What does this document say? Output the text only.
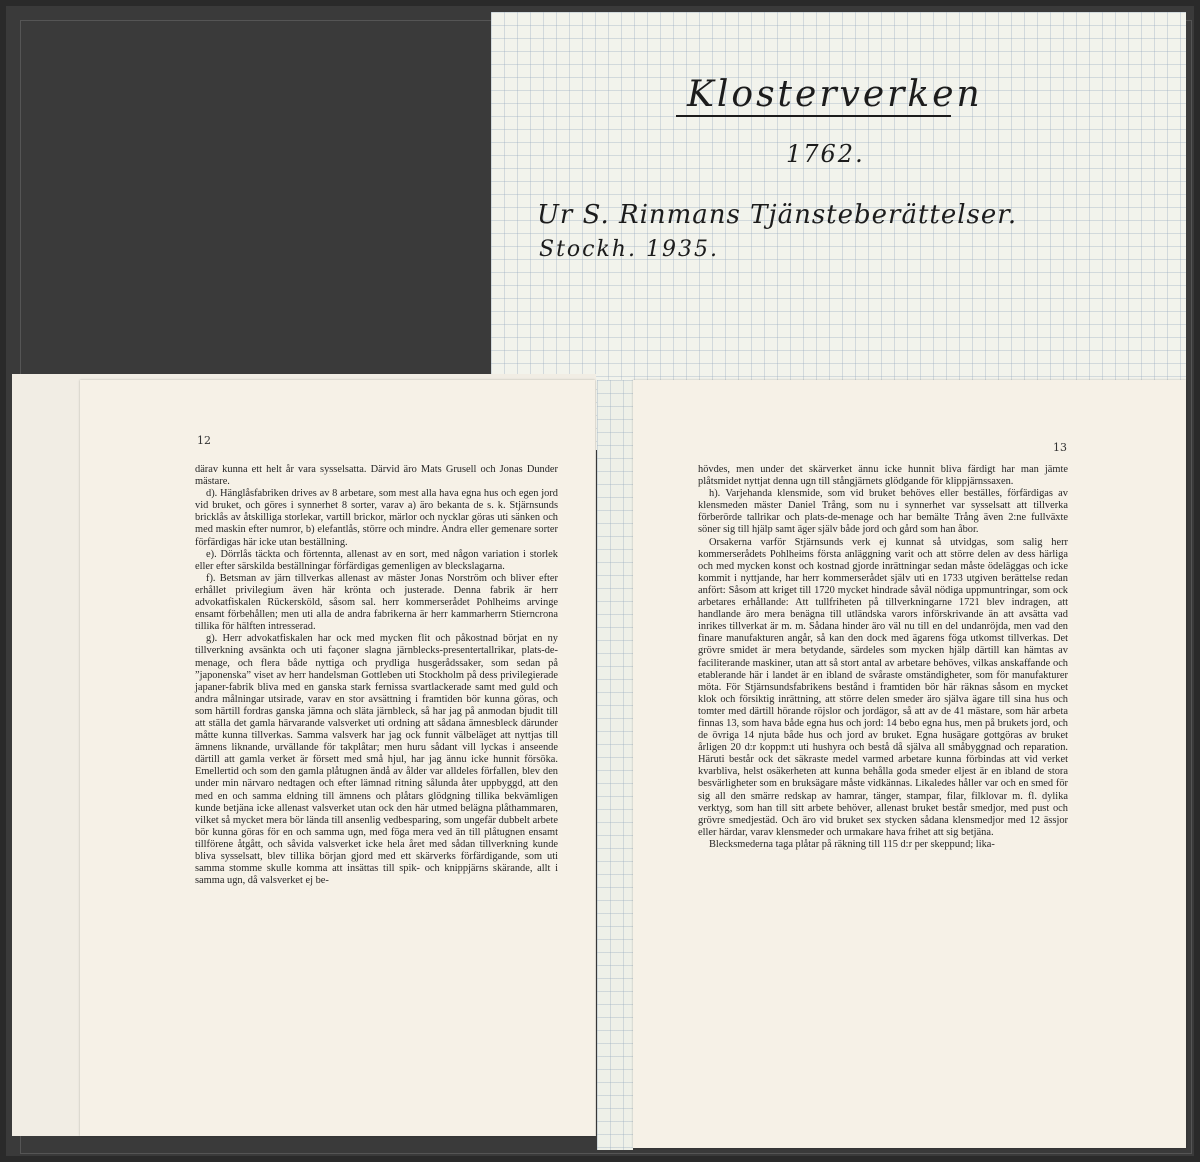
Klosterverken
1762.
Ur S. Rinmans Tjänsteberättelser.
Stockh. 1935.
12

därav kunna ett helt år vara sysselsatta. Därvid äro Mats Grusell och Jonas Dunder mästare.

d). Hänglåsfabriken drives av 8 arbetare, som mest alla hava egna hus och egen jord vid bruket, och göres i synnerhet 8 sorter, varav a) äro bekanta de s. k. Stjärnsunds bricklås av åtskilliga storlekar, vartill brickor, märlor och nycklar göras uti sänken och med maskin efter numror, b) elefantlås, större och mindre. Andra eller gemenare sorter förfärdigas här icke utan beställning.

e). Dörrlås täckta och förtennta, allenast av en sort, med någon variation i storlek eller efter särskilda beställningar förfärdigas gemenligen av bleckslagarna.

f). Betsman av järn tillverkas allenast av mäster Jonas Norström och bliver efter erhållet privilegium även här krönta och justerade. Denna fabrik är herr advokatfiskalen Rückersköld, såsom sal. herr kommerserådet Pohlheims arvinge ensamt förbehållen; men uti alla de andra fabrikerna är herr kammarherrn Stierncrona tillika för hälften intresserad.

g). Herr advokatfiskalen har ock med mycken flit och påkostnad börjat en ny tillverkning avsänkta och uti façoner slagna järnblecks-presentertallrikar, plats-de-menage, och flera både nyttiga och prydliga husgerådssaker, som sedan på ”japonenska” viset av herr handelsman Gottleben uti Stockholm på dess privilegierade japaner-fabrik bliva med en ganska stark fernissa svartlackerade samt med guld och andra målningar utsirade, varav en stor avsättning i framtiden bör kunna göras, och som härtill fordras ganska jämna och släta järnbleck, så har jag på anmodan bjudit till att ställa det gamla härvarande valsverket uti ordning att sådana ämnesbleck därunder måtte kunna tillverkas. Samma valsverk har jag ock funnit välbeläget att nyttjas till ämnens liknande, urvällande för takplåtar; men huru sådant vill lyckas i anseende därtill att gamla verket är försett med små hjul, har jag ännu icke hunnit försöka. Emellertid och som den gamla plåtugnen ändå av ålder var alldeles förfallen, blev den under min närvaro nedtagen och efter lämnad ritning sålunda åter uppbyggd, att den med en och samma eldning till ämnens och plåtars glödgning tillika bekvämligen kunde betjäna icke allenast valsverket utan ock den här utmed belägna plåthammaren, vilket så mycket mera bör lända till ansenlig vedbesparing, som ungefär dubbelt arbete bör kunna göras för en och samma ugn, med föga mera ved än till plåtugnen ensamt tillförene åtgått, och såvida valsverket icke hela året med sådan tillverkning kunde bliva sysselsatt, blev tillika början gjord med ett skärverks förfärdigande, som uti samma stomme skulle komma att insättas till spik- och knippjärns skärande, allt i samma ugn, då valsverket ej be-

13

hövdes, men under det skärverket ännu icke hunnit bliva färdigt har man jämte plåtsmidet nyttjat denna ugn till stångjärnets glödgande för klippjärnssaxen.

h). Varjehanda klensmide, som vid bruket behöves eller beställes, förfärdigas av klensmeden mäster Daniel Trång, som nu i synnerhet var sysselsatt att tillverka förberörde tallrikar och plats-de-menage och har bemälte Trång även 2:ne fullväxte söner sig till hjälp samt äger själv både jord och gård som han åbor.

Orsakerna varför Stjärnsunds verk ej kunnat så utvidgas, som salig herr kommerserådets Pohlheims första anläggning varit och att större delen av dess härliga och med mycken konst och kostnad gjorde inrättningar sedan måste ödeläggas och icke kommit i nyttjande, har herr kommerserådet själv uti en 1733 utgiven berättelse redan anfört: Såsom att kriget till 1720 mycket hindrade såväl nödiga uppmuntringar, som ock arbetares erhållande: Att tullfriheten på tillverkningarne 1721 blev indragen, att handlande äro mera benägna till utländska varors införskrivande än att avsätta vad inrikes tillverkat är m. m. Sådana hinder äro väl nu till en del undanröjda, men vad den finare manufakturen angår, så kan den dock med ägarens föga utkomst tillverkas. Det grövre smidet är mera betydande, särdeles som mycken hjälp därtill kan hämtas av faciliterande maskiner, utan att så stort antal av arbetare behöves, vilkas anskaffande och etablerande här i landet är en ibland de svåraste omständigheter, som för manufakturer möta. För Stjärnsundsfabrikens bestånd i framtiden bör här räknas såsom en mycket klok och försiktig inrättning, att större delen smeder äro själva ägare till sina hus och tomter med därtill hörande röjslor och jordägor, så att av de 41 mästare, som här arbeta finnas 13, som hava både egna hus och jord: 14 bebo egna hus, men på brukets jord, och de övriga 14 njuta både hus och jord av bruket. Egna husägare gottgöras av bruket årligen 20 d:r koppm:t uti hushyra och bestå då själva all småbyggnad och reparation. Häruti består ock det säkraste medel varmed arbetare kunna förbindas att vid verket kvarbliva, helst osäkerheten att kunna behålla goda smeder eljest är en ibland de stora besvärligheter som en bruksägare måste vidkännas. Likaledes håller var och en smed för sig all den smärre redskap av hamrar, tänger, stampar, filar, filklovar m. fl. dylika verktyg, som han till sitt arbete behöver, allenast bruket består smedjor, med pust och grövre smedjestäd. Och äro vid bruket sex stycken sådana klensmedjor med 12 ässjor eller härdar, varav klensmeder och urmakare hava frihet att sig betjäna.

Blecksmederna taga plåtar på räkning till 115 d:r per skeppund; lika-
